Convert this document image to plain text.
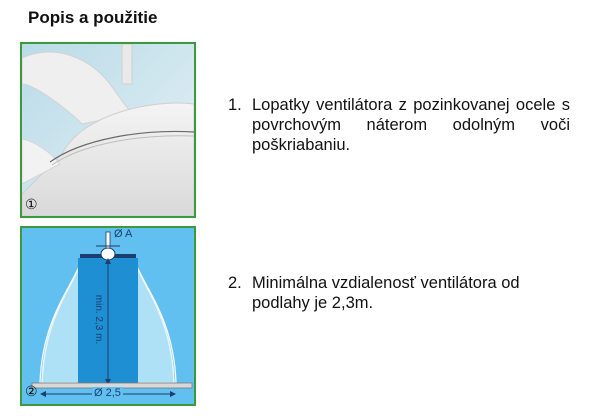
Popis a použitie
①
Ø A
min. 2,3 m.
Ø 2,5
②
1. Lopatky ventilátora z pozinkovanej ocele s povrchovým náterom odolným voči poškriabaniu.
2. Minimálna vzdialenosť ventilátora od podlahy je 2,3m.
